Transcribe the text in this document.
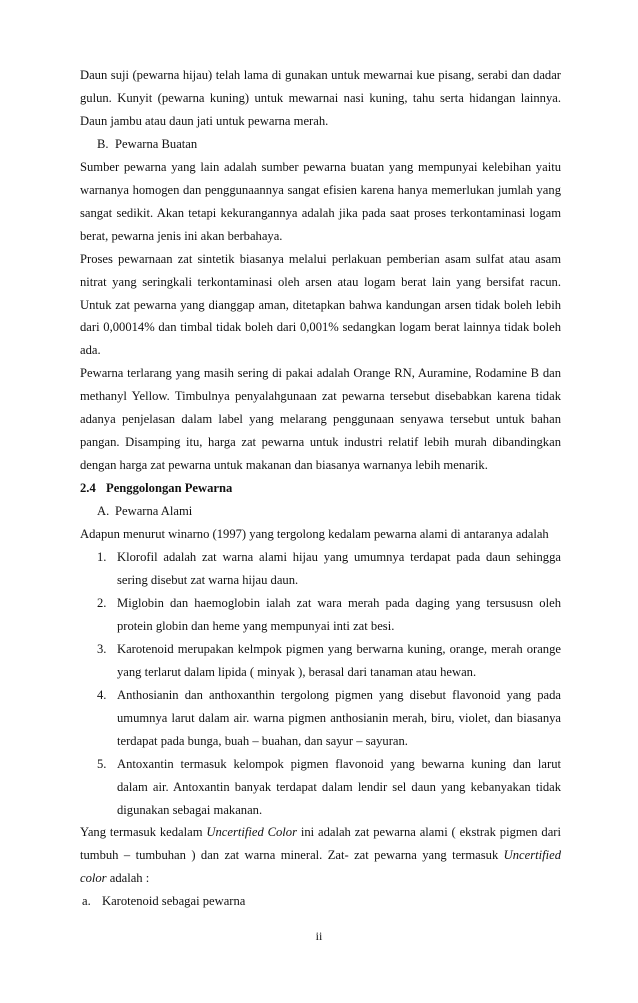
Daun suji (pewarna hijau) telah lama di gunakan untuk mewarnai kue pisang, serabi dan dadar gulun. Kunyit (pewarna kuning) untuk mewarnai nasi kuning, tahu serta hidangan lainnya. Daun jambu atau daun jati untuk pewarna merah.

B. Pewarna Buatan

Sumber pewarna yang lain adalah sumber pewarna buatan yang mempunyai kelebihan yaitu warnanya homogen dan penggunaannya sangat efisien karena hanya memerlukan jumlah yang sangat sedikit. Akan tetapi kekurangannya adalah jika pada saat proses terkontaminasi logam berat, pewarna jenis ini akan berbahaya.

Proses pewarnaan zat sintetik biasanya melalui perlakuan pemberian asam sulfat atau asam nitrat yang seringkali terkontaminasi oleh arsen atau logam berat lain yang bersifat racun. Untuk zat pewarna yang dianggap aman, ditetapkan bahwa kandungan arsen tidak boleh lebih dari 0,00014% dan timbal tidak boleh dari 0,001% sedangkan logam berat lainnya tidak boleh ada.

Pewarna terlarang yang masih sering di pakai adalah Orange RN, Auramine, Rodamine B dan methanyl Yellow. Timbulnya penyalahgunaan zat pewarna tersebut disebabkan karena tidak adanya penjelasan dalam label yang melarang penggunaan senyawa tersebut untuk bahan pangan. Disamping itu, harga zat pewarna untuk industri relatif lebih murah dibandingkan dengan harga zat pewarna untuk makanan dan biasanya warnanya lebih menarik.

2.4 Penggolongan Pewarna

A. Pewarna Alami

Adapun menurut winarno (1997) yang tergolong kedalam pewarna alami di antaranya adalah

1. Klorofil adalah zat warna alami hijau yang umumnya terdapat pada daun sehingga sering disebut zat warna hijau daun.
2. Miglobin dan haemoglobin ialah zat wara merah pada daging yang tersususn oleh protein globin dan heme yang mempunyai inti zat besi.
3. Karotenoid merupakan kelmpok pigmen yang berwarna kuning, orange, merah orange yang terlarut dalam lipida ( minyak ), berasal dari tanaman atau hewan.
4. Anthosianin dan anthoxanthin tergolong pigmen yang disebut flavonoid yang pada umumnya larut dalam air. warna pigmen anthosianin merah, biru, violet, dan biasanya terdapat pada bunga, buah – buahan, dan sayur – sayuran.
5. Antoxantin termasuk kelompok pigmen flavonoid yang bewarna kuning dan larut dalam air. Antoxantin banyak terdapat dalam lendir sel daun yang kebanyakan tidak digunakan sebagai makanan.

Yang termasuk kedalam Uncertified Color ini adalah zat pewarna alami ( ekstrak pigmen dari tumbuh – tumbuhan ) dan zat warna mineral. Zat- zat pewarna yang termasuk Uncertified color adalah :

a. Karotenoid sebagai pewarna

ii
